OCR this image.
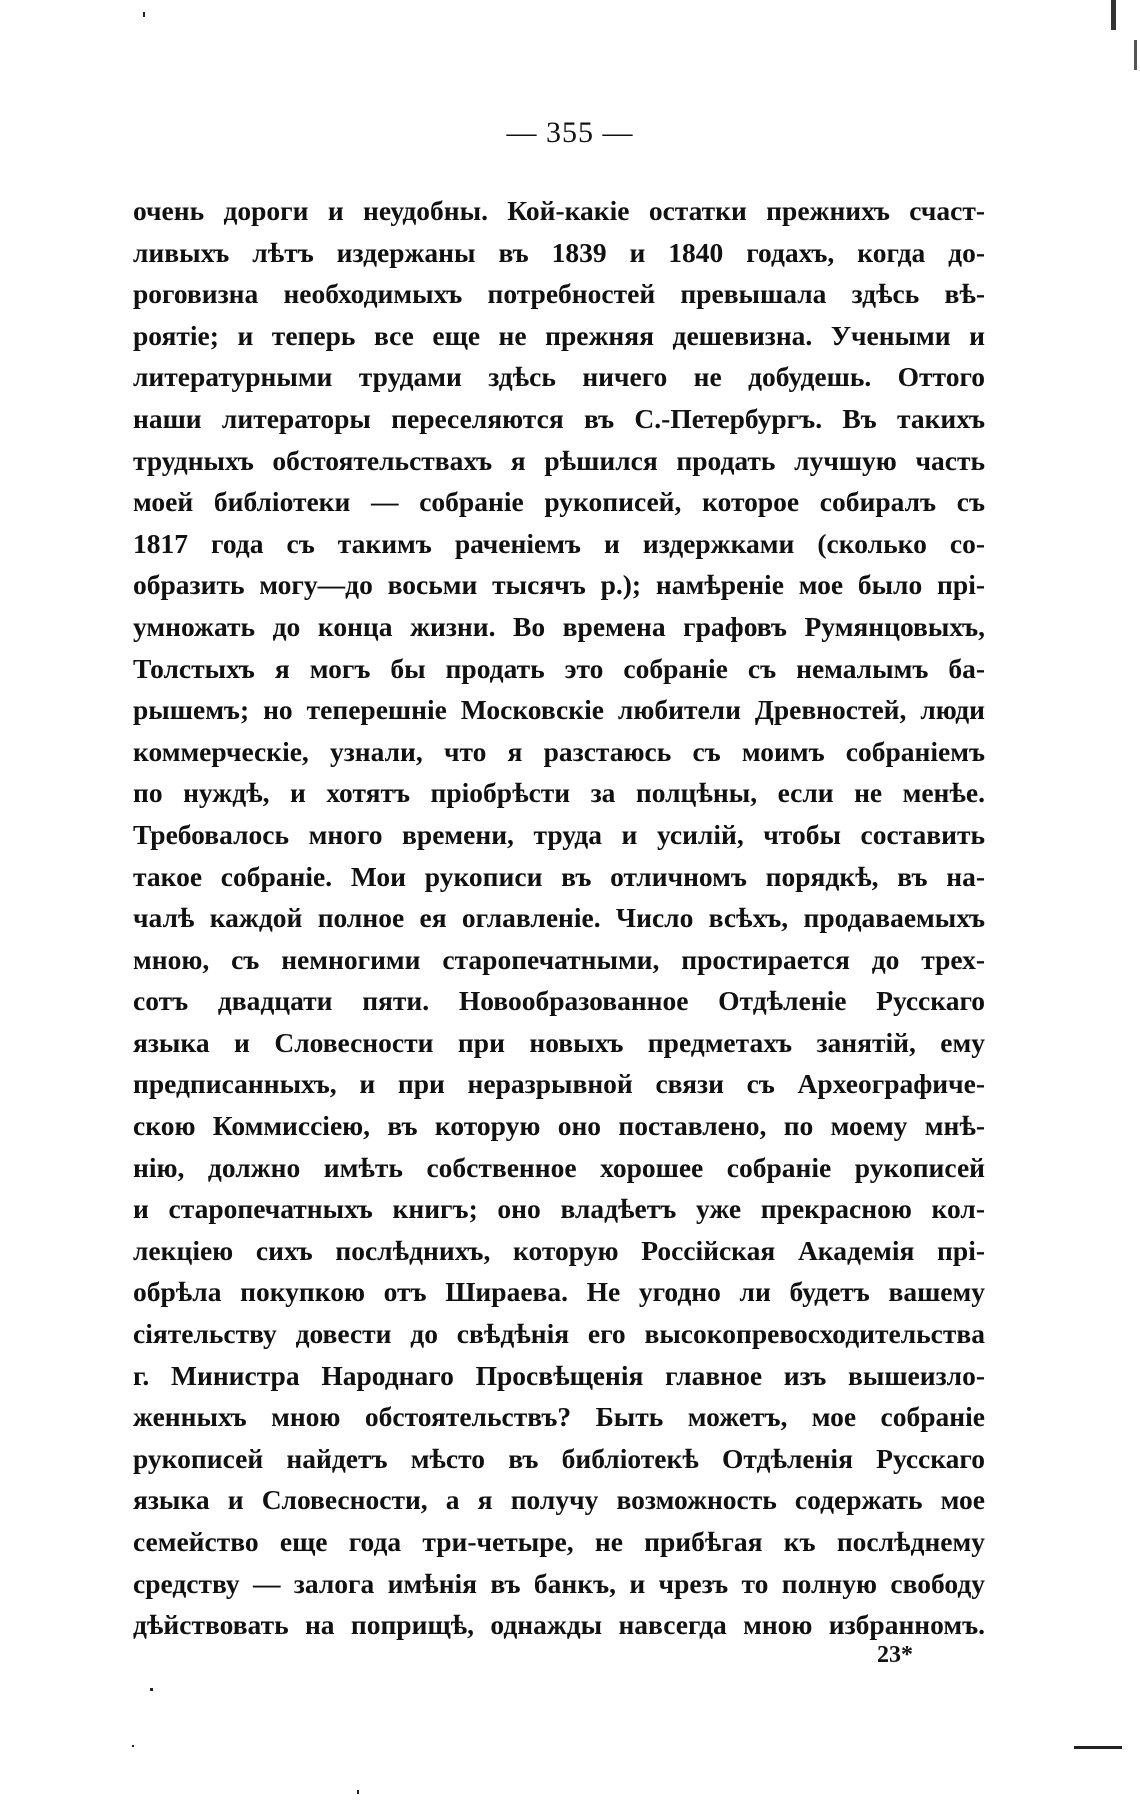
— 355 —
очень дороги и неудобны. Кой-какіе остатки прежнихъ счаст-
ливыхъ лѣтъ издержаны въ 1839 и 1840 годахъ, когда до-
роговизна необходимыхъ потребностей превышала здѣсь вѣ-
роятіе; и теперь все еще не прежняя дешевизна. Учеными и
литературными трудами здѣсь ничего не добудешь. Оттого
наши литераторы переселяются въ С.-Петербургъ. Въ такихъ
трудныхъ обстоятельствахъ я рѣшился продать лучшую часть
моей библіотеки — собраніе рукописей, которое собиралъ съ
1817 года съ такимъ раченіемъ и издержками (сколько со-
образить могу—до восьми тысячъ р.); намѣреніе мое было прі-
умножать до конца жизни. Во времена графовъ Румянцовыхъ,
Толстыхъ я могъ бы продать это собраніе съ немалымъ ба-
рышемъ; но теперешніе Московскіе любители Древностей, люди
коммерческіе, узнали, что я разстаюсь съ моимъ собраніемъ
по нуждѣ, и хотятъ пріобрѣсти за полцѣны, если не менѣе.
Требовалось много времени, труда и усилій, чтобы составить
такое собраніе. Мои рукописи въ отличномъ порядкѣ, въ на-
чалѣ каждой полное ея оглавленіе. Число всѣхъ, продаваемыхъ
мною, съ немногими старопечатными, простирается до трех-
сотъ двадцати пяти. Новообразованное Отдѣленіе Русскаго
языка и Словесности при новыхъ предметахъ занятій, ему
предписанныхъ, и при неразрывной связи съ Археографиче-
скою Коммиссіею, въ которую оно поставлено, по моему мнѣ-
нію, должно имѣть собственное хорошее собраніе рукописей
и старопечатныхъ книгъ; оно владѣетъ уже прекрасною кол-
лекціею сихъ послѣднихъ, которую Россійская Академія прі-
обрѣла покупкою отъ Шираева. Не угодно ли будетъ вашему
сіятельству довести до свѣдѣнія его высокопревосходительства
г. Министра Народнаго Просвѣщенія главное изъ вышеизло-
женныхъ мною обстоятельствъ? Быть можетъ, мое собраніе
рукописей найдетъ мѣсто въ библіотекѣ Отдѣленія Русскаго
языка и Словесности, а я получу возможность содержать мое
семейство еще года три-четыре, не прибѣгая къ послѣднему
средству — залога имѣнія въ банкъ, и чрезъ то полную свободу
дѣйствовать на поприщѣ, однажды навсегда мною избранномъ.
23*
